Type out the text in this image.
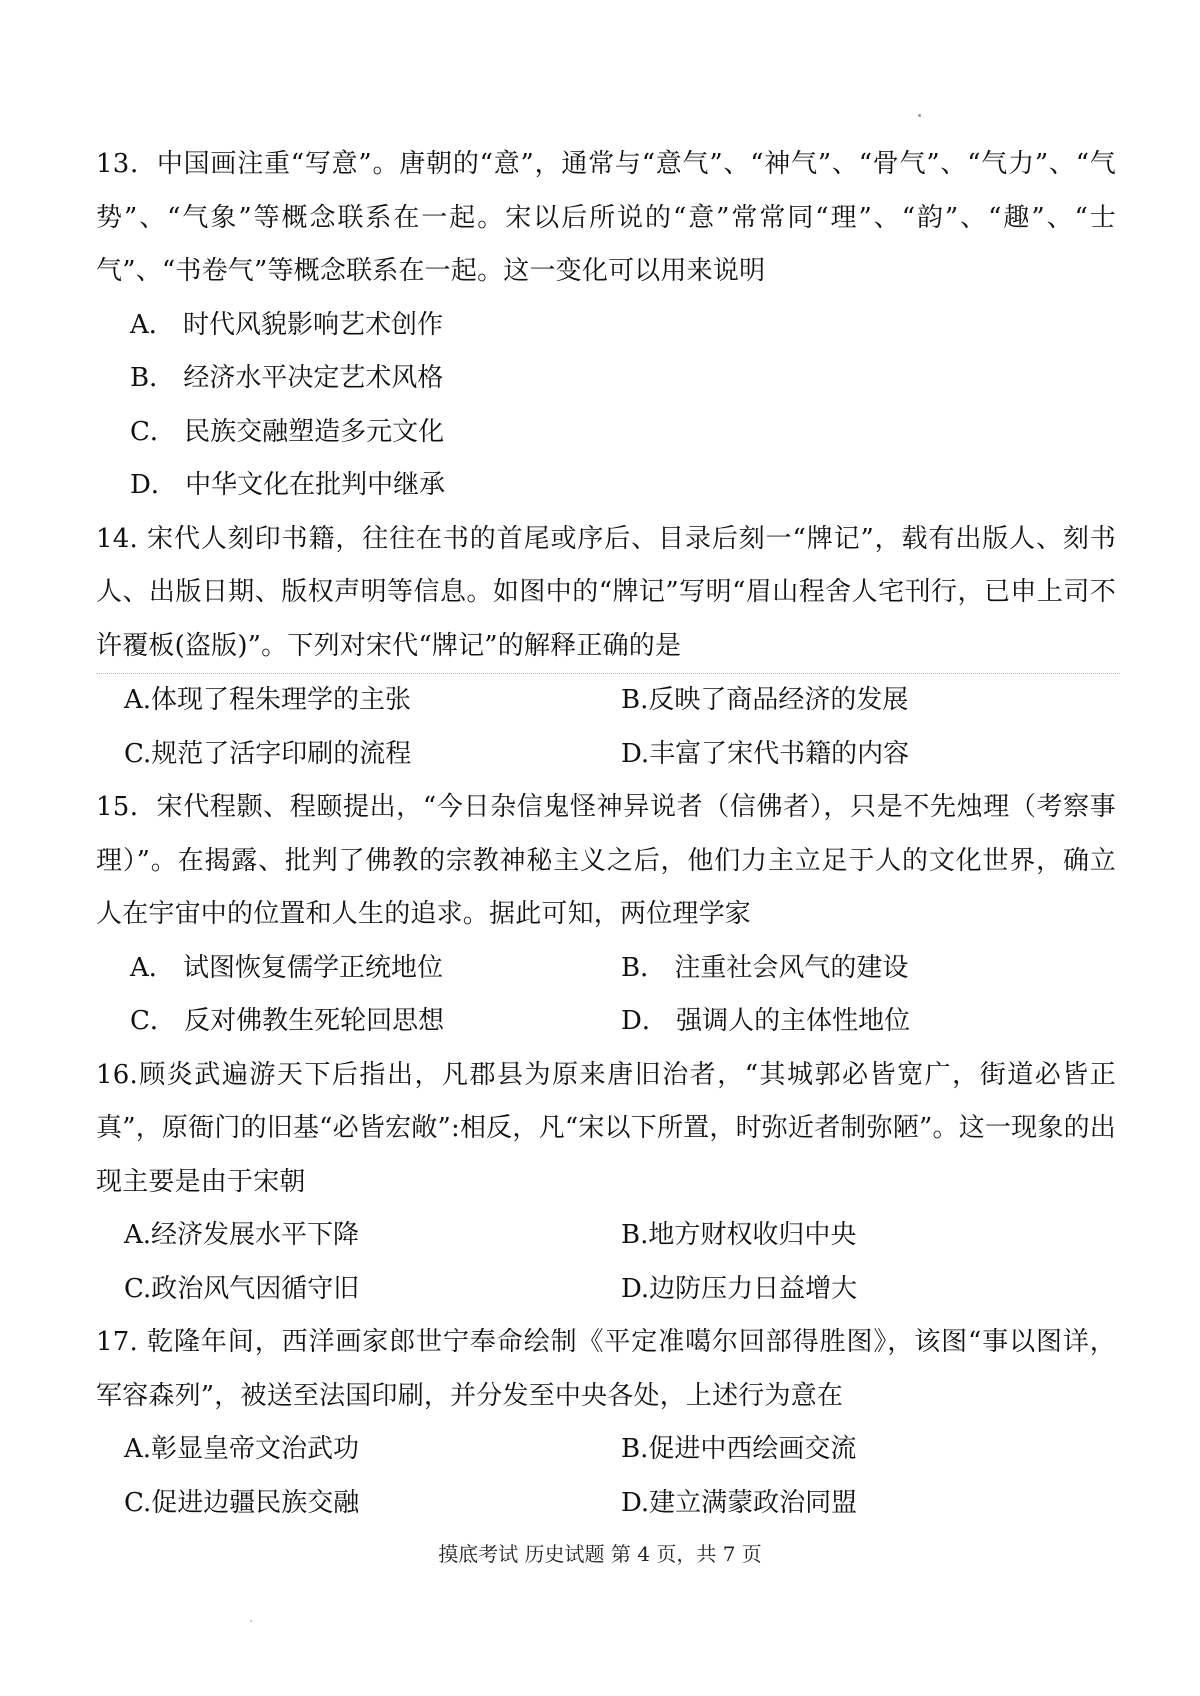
13．中国画注重“写意”。唐朝的“意”，通常与“意气”、“神气”、“骨气”、“气力”、“气势”、“气象”等概念联系在一起。宋以后所说的“意”常常同“理”、“韵”、“趣”、“士气”、“书卷气”等概念联系在一起。这一变化可以用来说明

A． 时代风貌影响艺术创作
B． 经济水平决定艺术风格
C． 民族交融塑造多元文化
D． 中华文化在批判中继承

14. 宋代人刻印书籍，往往在书的首尾或序后、目录后刻一“牌记”，载有出版人、刻书人、出版日期、版权声明等信息。如图中的“牌记”写明“眉山程舍人宅刊行，已申上司不许覆板(盗版)”。下列对宋代“牌记”的解释正确的是

A.体现了程朱理学的主张	B.反映了商品经济的发展
C.规范了活字印刷的流程	D.丰富了宋代书籍的内容

15．宋代程颢、程颐提出，“今日杂信鬼怪神异说者（信佛者），只是不先烛理（考察事理）”。在揭露、批判了佛教的宗教神秘主义之后，他们力主立足于人的文化世界，确立人在宇宙中的位置和人生的追求。据此可知，两位理学家

A． 试图恢复儒学正统地位	B． 注重社会风气的建设
C． 反对佛教生死轮回思想	D． 强调人的主体性地位

16.顾炎武遍游天下后指出，凡郡县为原来唐旧治者，“其城郭必皆宽广，街道必皆正真”，原衙门的旧基“必皆宏敞”:相反，凡“宋以下所置，时弥近者制弥陋”。这一现象的出现主要是由于宋朝

A.经济发展水平下降	B.地方财权收归中央
C.政治风气因循守旧	D.边防压力日益增大

17. 乾隆年间，西洋画家郎世宁奉命绘制《平定准噶尔回部得胜图》，该图“事以图详，军容森列”，被送至法国印刷，并分发至中央各处，上述行为意在

A.彰显皇帝文治武功	B.促进中西绘画交流
C.促进边疆民族交融	D.建立满蒙政治同盟
摸底考试 历史试题 第 4 页，共 7 页
